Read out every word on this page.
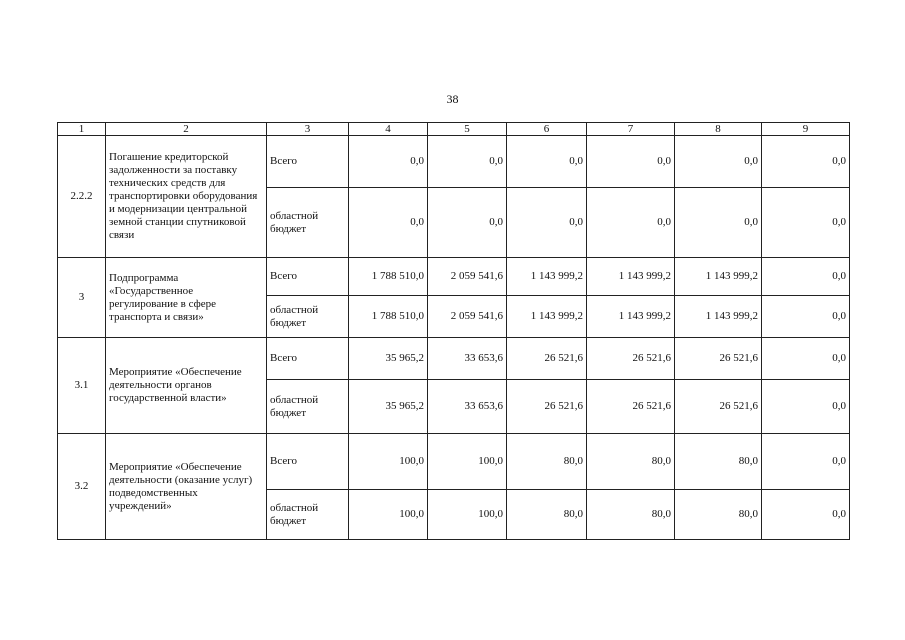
38
1	2	3	4	5	6	7	8	9
2.2.2	Погашение кредиторской задолженности за поставку технических средств для транспортировки оборудования и модернизации центральной земной станции спутниковой связи	Всего	0,0	0,0	0,0	0,0	0,0	0,0
		областной бюджет	0,0	0,0	0,0	0,0	0,0	0,0
3	Подпрограмма «Государственное регулирование в сфере транспорта и связи»	Всего	1 788 510,0	2 059 541,6	1 143 999,2	1 143 999,2	1 143 999,2	0,0
		областной бюджет	1 788 510,0	2 059 541,6	1 143 999,2	1 143 999,2	1 143 999,2	0,0
3.1	Мероприятие «Обеспечение деятельности органов государственной власти»	Всего	35 965,2	33 653,6	26 521,6	26 521,6	26 521,6	0,0
		областной бюджет	35 965,2	33 653,6	26 521,6	26 521,6	26 521,6	0,0
3.2	Мероприятие «Обеспечение деятельности (оказание услуг) подведомственных учреждений»	Всего	100,0	100,0	80,0	80,0	80,0	0,0
		областной бюджет	100,0	100,0	80,0	80,0	80,0	0,0
